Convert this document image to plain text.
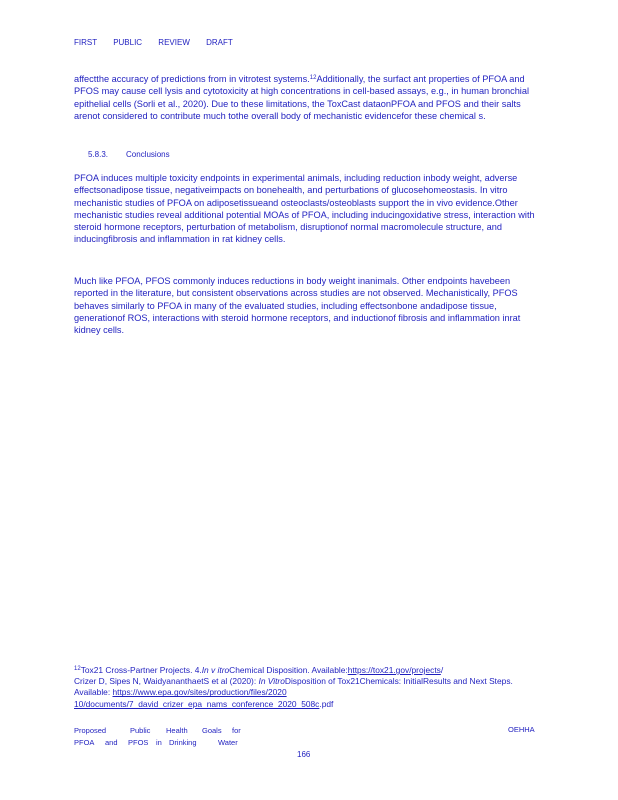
FIRST PUBLIC REVIEW DRAFT

affectthe accuracy of predictions from in vitrotest systems.$^{12}$Additionally, the surfact ant properties of PFOA and PFOS may cause cell lysis and cytotoxicity at high concentrations in cell-based assays, e.g., in human bronchial epithelial cells (Sorli et al., 2020). Due to these limitations, the ToxCast dataonPFOA and PFOS and their salts arenot considered to contribute much tothe overall body of mechanistic evidencefor these chemical s.

5.8.3. Conclusions

PFOA induces multiple toxicity endpoints in experimental animals, including reduction inbody weight, adverse effectsonadipose tissue, negativeimpacts on bonehealth, and perturbations of glucosehomeostasis. In vitro mechanistic studies of PFOA on adiposetissueand osteoclasts/osteoblasts support the in vivo evidence.Other mechanistic studies reveal additional potential MOAs of PFOA, including inducingoxidative stress, interaction with steroid hormone receptors, perturbation of metabolism, disruptionof normal macromolecule structure, and inducingfibrosis and inflammation in rat kidney cells.

Much like PFOA, PFOS commonly induces reductions in body weight inanimals. Other endpoints havebeen reported in the literature, but consistent observations across studies are not observed. Mechanistically, PFOS behaves similarly to PFOA in many of the evaluated studies, including effectsonbone andadipose tissue, generationof ROS, interactions with steroid hormone receptors, and inductionof fibrosis and inflammation inrat kidney cells.

$^{12}$Tox21 Cross-Partner Projects. 4.In v itroChemical Disposition. Available:https://tox21.gov/projects/
Crizer D, Sipes N, WaidyananthaetS et al (2020): In VitroDisposition of Tox21Chemicals: InitialResults and Next Steps. Available: https://www.epa.gov/sites/production/files/2020
10/documents/7_david_crizer_epa_nams_conference_2020_508c.pdf
Proposed	Public Health Goals for
PFOA and PFOS in Drinking	Water
OEHHA
166
